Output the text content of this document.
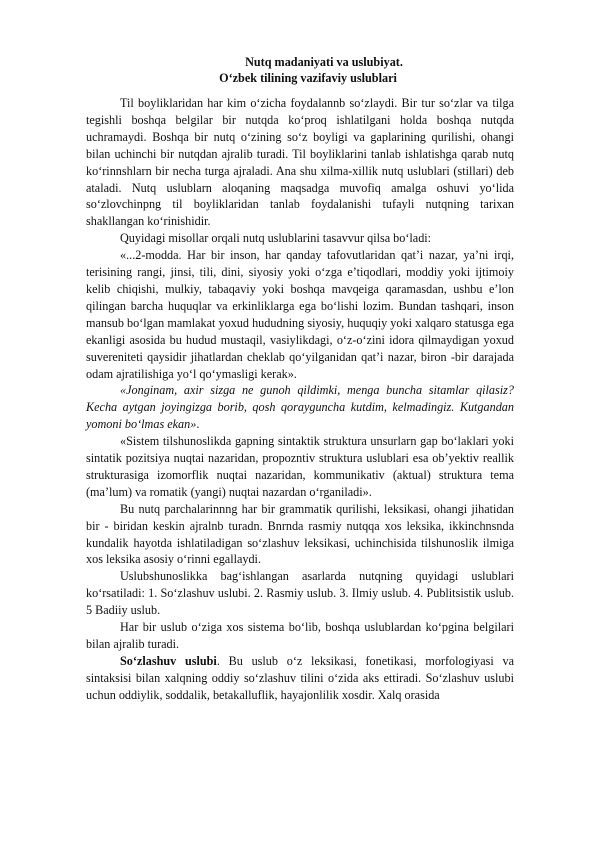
Nutq madaniyati va uslubiyat.
O‘zbek tilining vazifaviy uslublari

Til boyliklaridan har kim o‘zicha foydalannb so‘zlaydi. Bir tur so‘zlar va tilga tegishli boshqa belgilar bir nutqda ko‘proq ishlatilgani holda boshqa nutqda uchramaydi. Boshqa bir nutq o‘zining so‘z boyligi va gaplarining qurilishi, ohangi bilan uchinchi bir nutqdan ajralib turadi. Til boyliklarini tanlab ishlatishga qarab nutq ko‘rinnshlarn bir necha turga ajraladi. Ana shu xilma-xillik nutq uslublari (stillari) deb ataladi. Nutq uslublarn aloqaning maqsadga muvofiq amalga oshuvi yo‘lida so‘zlovchinpng til boyliklaridan tanlab foydalanishi tufayli nutqning tarixan shakllangan ko‘rinishidir.

Quyidagi misollar orqali nutq uslublarini tasavvur qilsa bo‘ladi:

«...2-modda. Har bir inson, har qanday tafovutlaridan qat’i nazar, ya’ni irqi, terisining rangi, jinsi, tili, dini, siyosiy yoki o‘zga e’tiqodlari, moddiy yoki ijtimoiy kelib chiqishi, mulkiy, tabaqaviy yoki boshqa mavqeiga qaramasdan, ushbu e’lon qilingan barcha huquqlar va erkinliklarga ega bo‘lishi lozim. Bundan tashqari, inson mansub bo‘lgan mamlakat yoxud hududning siyosiy, huquqiy yoki xalqaro statusga ega ekanligi asosida bu hudud mustaqil, vasiylikdagi, o‘z-o‘zini idora qilmaydigan yoxud suvereniteti qaysidir jihatlardan cheklab qo‘yilganidan qat’i nazar, biron -bir darajada odam ajratilishiga yo‘l qo‘ymasligi kerak».

«Jonginam, axir sizga ne gunoh qildimki, menga buncha sitamlar qilasiz? Kecha aytgan joyingizga borib, qosh qoraygunchа kutdim, kelmadingiz. Kutgandan yomoni bo‘lmas ekan».

«Sistem tilshunoslikda gapning sintaktik struktura unsurlarn gap bo‘laklari yoki sintatik pozitsiya nuqtai nazaridan, propozntiv struktura uslublari esa ob’yektiv reallik strukturasiga izomorflik nuqtai nazaridan, kommunikativ (aktual) struktura tema (ma’lum) va romatik (yangi) nuqtai nazardan o‘rganiladi».

Bu nutq parchalarinnng har bir grammatik qurilishi, leksikasi, ohangi jihatidan bir - biridan keskin ajralnb turadn. Bnrnda rasmiy nutqqa xos leksika, ikkinchnsnda kundalik hayotda ishlatiladigan so‘zlashuv leksikasi, uchinchisida tilshunoslik ilmiga xos leksika asosiy o‘rinni egallaydi.

Uslubshunoslikka bag‘ishlangan asarlarda nutqning quyidagi uslublari ko‘rsatiladi: 1. So‘zlashuv uslubi. 2. Rasmiy uslub. 3. Ilmiy uslub. 4. Publitsistik uslub. 5 Badiiy uslub.

Har bir uslub o‘ziga xos sistema bo‘lib, boshqa uslublardan ko‘pgina belgilari bilan ajralib turadi.

So‘zlashuv uslubi. Bu uslub o‘z leksikasi, fonetikasi, morfologiyasi va sintaksisi bilan xalqning oddiy so‘zlashuv tilini o‘zida aks ettiradi. So‘zlashuv uslubi uchun oddiylik, soddalik, betakalluflik, hayajonlilik xosdir. Xalq orasida
